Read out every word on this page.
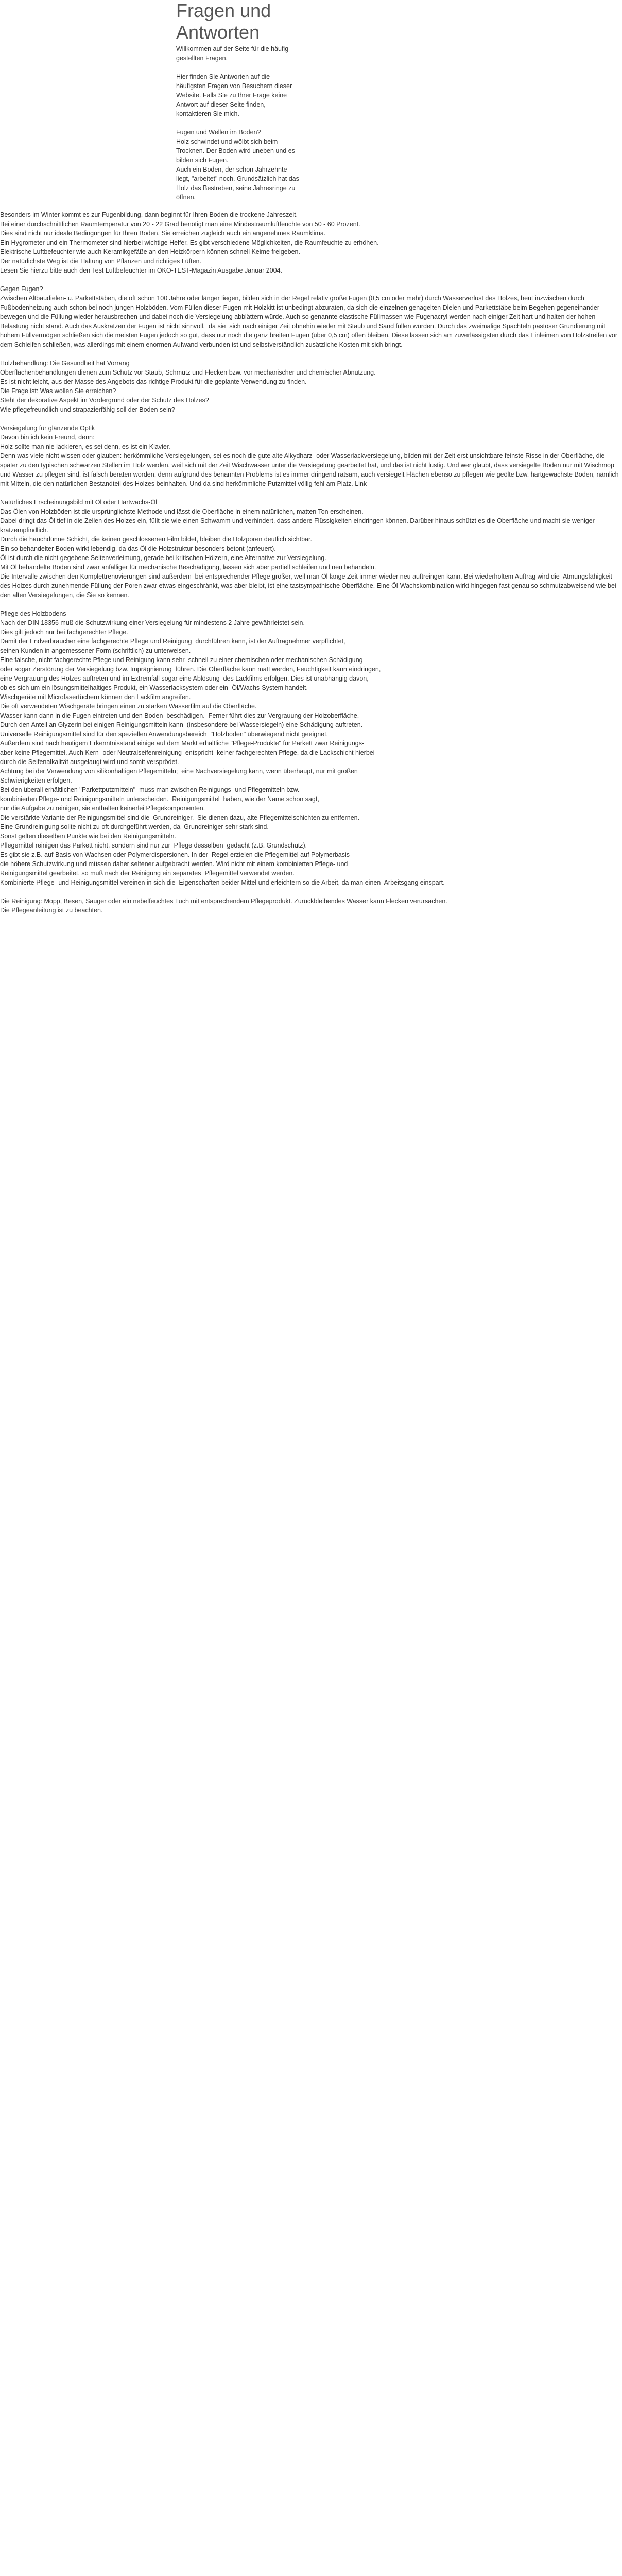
Fragen und
Antworten

Willkommen auf der Seite für die häufig gestellten Fragen.

Hier finden Sie Antworten auf die häufigsten Fragen von Besuchern dieser Website. Falls Sie zu Ihrer Frage keine Antwort auf dieser Seite finden, kontaktieren Sie mich.

Fugen und Wellen im Boden?
Holz schwindet und wölbt sich beim Trocknen. Der Boden wird uneben und es bilden sich Fugen.
Auch ein Boden, der schon Jahrzehnte liegt, "arbeitet" noch. Grundsätzlich hat das Holz das Bestreben, seine Jahresringe zu öffnen.

Besonders im Winter kommt es zur Fugenbildung, dann beginnt für Ihren Boden die trockene Jahreszeit.
Bei einer durchschnittlichen Raumtemperatur von 20 - 22 Grad benötigt man eine Mindestraumluftfeuchte von 50 - 60 Prozent.
Dies sind nicht nur ideale Bedingungen für Ihren Boden, Sie erreichen zugleich auch ein angenehmes Raumklima.
Ein Hygrometer und ein Thermometer sind hierbei wichtige Helfer. Es gibt verschiedene Möglichkeiten, die Raumfeuchte zu erhöhen.
Elektrische Luftbefeuchter wie auch Keramikgefäße an den Heizkörpern können schnell Keime freigeben.
Der natürlichste Weg ist die Haltung von Pflanzen und richtiges Lüften.
Lesen Sie hierzu bitte auch den Test Luftbefeuchter im ÖKO-TEST-Magazin Ausgabe Januar 2004.
Gegen Fugen?
Zwischen Altbaudielen- u. Parkettstäben, die oft schon 100 Jahre oder länger liegen, bilden sich in der Regel relativ große Fugen (0,5 cm oder mehr) durch Wasserverlust des Holzes, heut inzwischen durch Fußbodenheizung auch schon bei noch jungen Holzböden. Vom Füllen dieser Fugen mit Holzkitt ist unbedingt abzuraten, da sich die einzelnen genagelten Dielen und Parkettstäbe beim Begehen gegeneinander bewegen und die Füllung wieder herausbrechen und dabei noch die Versiegelung abblättern würde. Auch so genannte elastische Füllmassen wie Fugenacryl werden nach einiger Zeit hart und halten der hohen Belastung nicht stand. Auch das Auskratzen der Fugen ist nicht sinnvoll,  da sie  sich nach einiger Zeit ohnehin wieder mit Staub und Sand füllen würden. Durch das zweimalige Spachteln pastöser Grundierung mit hohem Füllvermögen schließen sich die meisten Fugen jedoch so gut, dass nur noch die ganz breiten Fugen (über 0,5 cm) offen bleiben. Diese lassen sich am zuverlässigsten durch das Einleimen von Holzstreifen vor dem Schleifen schließen, was allerdings mit einem enormen Aufwand verbunden ist und selbstverständlich zusätzliche Kosten mit sich bringt.
Holzbehandlung: Die Gesundheit hat Vorrang
Oberflächenbehandlungen dienen zum Schutz vor Staub, Schmutz und Flecken bzw. vor mechanischer und chemischer Abnutzung.
Es ist nicht leicht, aus der Masse des Angebots das richtige Produkt für die geplante Verwendung zu finden.
Die Frage ist: Was wollen Sie erreichen?
Steht der dekorative Aspekt im Vordergrund oder der Schutz des Holzes?
Wie pflegefreundlich und strapazierfähig soll der Boden sein?
Versiegelung für glänzende Optik
Davon bin ich kein Freund, denn:
Holz sollte man nie lackieren, es sei denn, es ist ein Klavier.
Denn was viele nicht wissen oder glauben: herkömmliche Versiegelungen, sei es noch die gute alte Alkydharz- oder Wasserlackversiegelung, bilden mit der Zeit erst unsichtbare feinste Risse in der Oberfläche, die später zu den typischen schwarzen Stellen im Holz werden, weil sich mit der Zeit Wischwasser unter die Versiegelung gearbeitet hat, und das ist nicht lustig. Und wer glaubt, dass versiegelte Böden nur mit Wischmop und Wasser zu pflegen sind, ist falsch beraten worden, denn aufgrund des benannten Problems ist es immer dringend ratsam, auch versiegelt Flächen ebenso zu pflegen wie geölte bzw. hartgewachste Böden, nämlich mit Mitteln, die den natürlichen Bestandteil des Holzes beinhalten. Und da sind herkömmliche Putzmittel völlig fehl am Platz. Link
Natürliches Erscheinungsbild mit Öl oder Hartwachs-Öl
Das Ölen von Holzböden ist die ursprünglichste Methode und lässt die Oberfläche in einem natürlichen, matten Ton erscheinen.
Dabei dringt das Öl tief in die Zellen des Holzes ein, füllt sie wie einen Schwamm und verhindert, dass andere Flüssigkeiten eindringen können. Darüber hinaus schützt es die Oberfläche und macht sie weniger kratzempfindlich.
Durch die hauchdünne Schicht, die keinen geschlossenen Film bildet, bleiben die Holzporen deutlich sichtbar.
Ein so behandelter Boden wirkt lebendig, da das Öl die Holzstruktur besonders betont (anfeuert).
Öl ist durch die nicht gegebene Seitenverleimung, gerade bei kritischen Hölzern, eine Alternative zur Versiegelung.
Mit Öl behandelte Böden sind zwar anfälliger für mechanische Beschädigung, lassen sich aber partiell schleifen und neu behandeln.
Die Intervalle zwischen den Komplettrenovierungen sind außerdem  bei entsprechender Pflege größer, weil man Öl lange Zeit immer wieder neu auftreingen kann. Bei wiederholtem Auftrag wird die  Atmungsfähigkeit des Holzes durch zunehmende Füllung der Poren zwar etwas eingeschränkt, was aber bleibt, ist eine tastsympathische Oberfläche. Eine Öl-Wachskombination wirkt hingegen fast genau so schmutzabweisend wie bei den alten Versiegelungen, die Sie so kennen.
Pflege des Holzbodens
Nach der DIN 18356 muß die Schutzwirkung einer Versiegelung für mindestens 2 Jahre gewährleistet sein.
Dies gilt jedoch nur bei fachgerechter Pflege.
Damit der Endverbraucher eine fachgerechte Pflege und Reinigung  durchführen kann, ist der Auftragnehmer verpflichtet,
seinen Kunden in angemessener Form (schriftlich) zu unterweisen.
Eine falsche, nicht fachgerechte Pflege und Reinigung kann sehr  schnell zu einer chemischen oder mechanischen Schädigung
oder sogar Zerstörung der Versiegelung bzw. Imprägnierung  führen. Die Oberfläche kann matt werden, Feuchtigkeit kann eindringen,
eine Vergrauung des Holzes auftreten und im Extremfall sogar eine Ablösung  des Lackfilms erfolgen. Dies ist unabhängig davon,
ob es sich um ein lösungsmittelhaltiges Produkt, ein Wasserlacksystem oder ein -Öl/Wachs-System handelt.
Wischgeräte mit Microfasertüchern können den Lackfilm angreifen.
Die oft verwendeten Wischgeräte bringen einen zu starken Wasserfilm auf die Oberfläche.
Wasser kann dann in die Fugen eintreten und den Boden  beschädigen.  Ferner führt dies zur Vergrauung der Holzoberfläche.
Durch den Anteil an Glyzerin bei einigen Reinigungsmitteln kann  (insbesondere bei Wassersiegeln) eine Schädigung auftreten.
Universelle Reinigungsmittel sind für den speziellen Anwendungsbereich  "Holzboden" überwiegend nicht geeignet.
Außerdem sind nach heutigem Erkenntnisstand einige auf dem Markt erhältliche "Pflege-Produkte" für Parkett zwar Reinigungs-
aber keine Pflegemittel. Auch Kern- oder Neutralseifenreinigung  entspricht  keiner fachgerechten Pflege, da die Lackschicht hierbei
durch die Seifenalkalität ausgelaugt wird und somit versprödet.
Achtung bei der Verwendung von silikonhaltigen Pflegemitteln;  eine Nachversiegelung kann, wenn überhaupt, nur mit großen
Schwierigkeiten erfolgen.
Bei den überall erhältlichen "Parkettputzmitteln"  muss man zwischen Reinigungs- und Pflegemitteln bzw.
kombinierten Pflege- und Reinigungsmitteln unterscheiden.  Reinigungsmittel  haben, wie der Name schon sagt,
nur die Aufgabe zu reinigen, sie enthalten keinerlei Pflegekomponenten.
Die verstärkte Variante der Reinigungsmittel sind die  Grundreiniger.  Sie dienen dazu, alte Pflegemittelschichten zu entfernen.
Eine Grundreinigung sollte nicht zu oft durchgeführt werden, da  Grundreiniger sehr stark sind.
Sonst gelten dieselben Punkte wie bei den Reinigungsmitteln.
Pflegemittel reinigen das Parkett nicht, sondern sind nur zur  Pflege desselben  gedacht (z.B. Grundschutz).
Es gibt sie z.B. auf Basis von Wachsen oder Polymerdispersionen. In der  Regel erzielen die Pflegemittel auf Polymerbasis
die höhere Schutzwirkung und müssen daher seltener aufgebracht werden. Wird nicht mit einem kombinierten Pflege- und
Reinigungsmittel gearbeitet, so muß nach der Reinigung ein separates  Pflegemittel verwendet werden.
Kombinierte Pflege- und Reinigungsmittel vereinen in sich die  Eigenschaften beider Mittel und erleichtern so die Arbeit, da man einen  Arbeitsgang einspart.
Die Reinigung: Mopp, Besen, Sauger oder ein nebelfeuchtes Tuch mit entsprechendem Pflegeprodukt. Zurückbleibendes Wasser kann Flecken verursachen.
Die Pflegeanleitung ist zu beachten.
